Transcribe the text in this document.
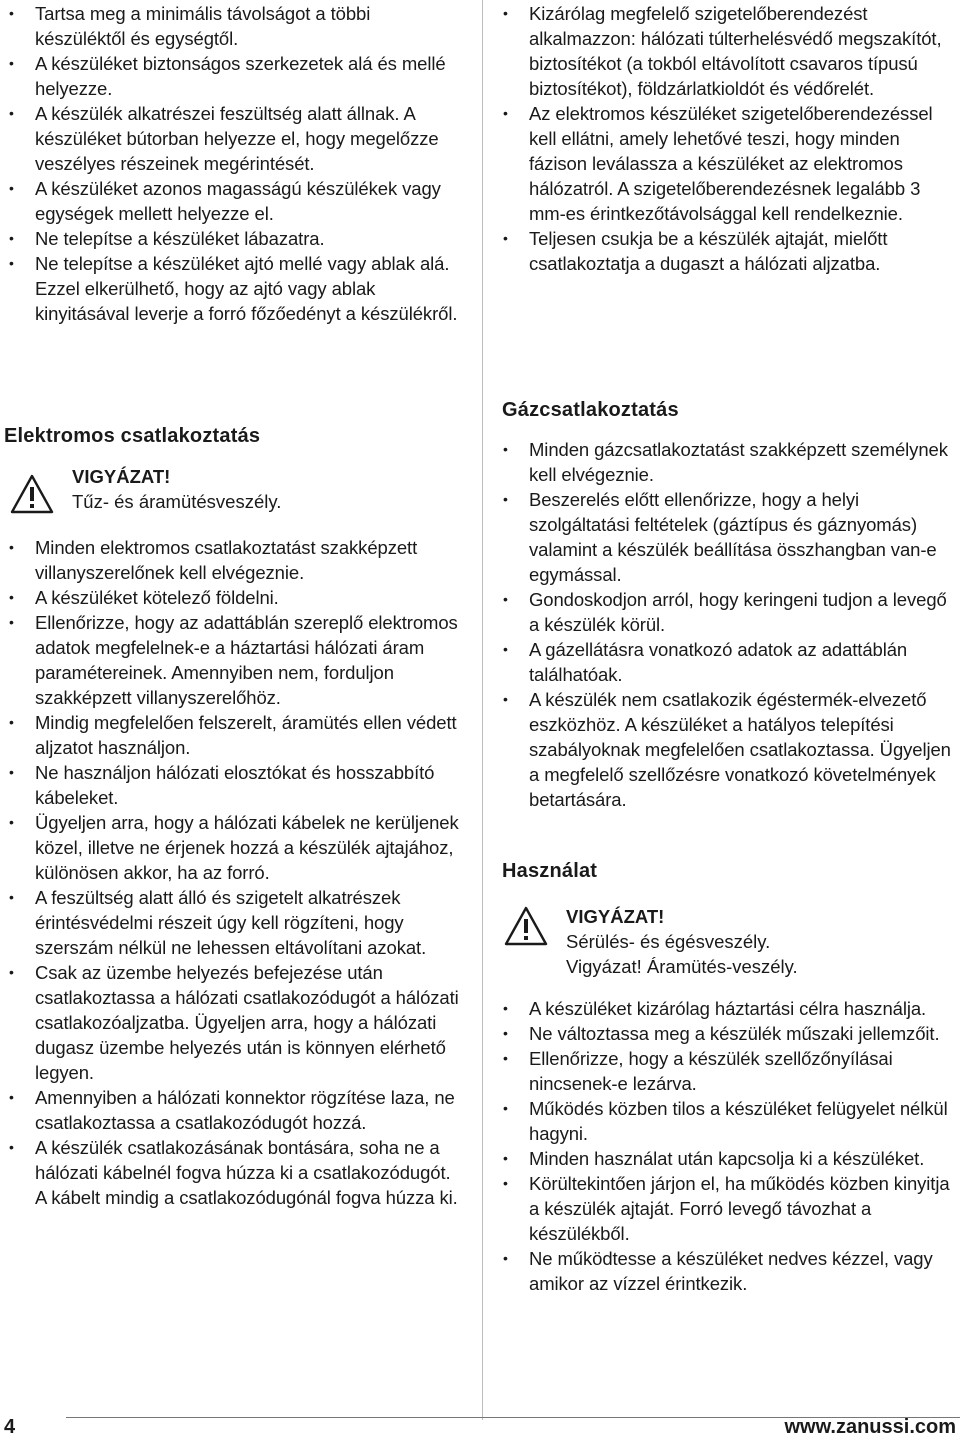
• Tartsa meg a minimális távolságot a többi készüléktől és egységtől.
• A készüléket biztonságos szerkezetek alá és mellé helyezze.
• A készülék alkatrészei feszültség alatt állnak. A készüléket bútorban helyezze el, hogy megelőzze veszélyes részeinek megérintését.
• A készüléket azonos magasságú készülékek vagy egységek mellett helyezze el.
• Ne telepítse a készüléket lábazatra.
• Ne telepítse a készüléket ajtó mellé vagy ablak alá. Ezzel elkerülhető, hogy az ajtó vagy ablak kinyitásával leverje a forró főzőedényt a készülékről.
Elektromos csatlakoztatás
VIGYÁZAT!
Tűz- és áramütésveszély.
• Minden elektromos csatlakoztatást szakképzett villanyszerelőnek kell elvégeznie.
• A készüléket kötelező földelni.
• Ellenőrizze, hogy az adattáblán szereplő elektromos adatok megfelelnek-e a háztartási hálózati áram paramétereinek. Amennyiben nem, forduljon szakképzett villanyszerelőhöz.
• Mindig megfelelően felszerelt, áramütés ellen védett aljzatot használjon.
• Ne használjon hálózati elosztókat és hosszabbító kábeleket.
• Ügyeljen arra, hogy a hálózati kábelek ne kerüljenek közel, illetve ne érjenek hozzá a készülék ajtajához, különösen akkor, ha az forró.
• A feszültség alatt álló és szigetelt alkatrészek érintésvédelmi részeit úgy kell rögzíteni, hogy szerszám nélkül ne lehessen eltávolítani azokat.
• Csak az üzembe helyezés befejezése után csatlakoztassa a hálózati csatlakozódugót a hálózati csatlakozóaljzatba. Ügyeljen arra, hogy a hálózati dugasz üzembe helyezés után is könnyen elérhető legyen.
• Amennyiben a hálózati konnektor rögzítése laza, ne csatlakoztassa a csatlakozódugót hozzá.
• A készülék csatlakozásának bontására, soha ne a hálózati kábelnél fogva húzza ki a csatlakozódugót. A kábelt mindig a csatlakozódugónál fogva húzza ki.
• Kizárólag megfelelő szigetelőberendezést alkalmazzon: hálózati túlterhelésvédő megszakítót, biztosítékot (a tokból eltávolított csavaros típusú biztosítékot), földzárlatkioldót és védőrelét.
• Az elektromos készüléket szigetelőberendezéssel kell ellátni, amely lehetővé teszi, hogy minden fázison leválassza a készüléket az elektromos hálózatról. A szigetelőberendezésnek legalább 3 mm-es érintkezőtávolsággal kell rendelkeznie.
• Teljesen csukja be a készülék ajtaját, mielőtt csatlakoztatja a dugaszt a hálózati aljzatba.
Gázcsatlakoztatás
• Minden gázcsatlakoztatást szakképzett személynek kell elvégeznie.
• Beszerelés előtt ellenőrizze, hogy a helyi szolgáltatási feltételek (gáztípus és gáznyomás) valamint a készülék beállítása összhangban van-e egymással.
• Gondoskodjon arról, hogy keringeni tudjon a levegő a készülék körül.
• A gázellátásra vonatkozó adatok az adattáblán találhatóak.
• A készülék nem csatlakozik égéstermék-elvezető eszközhöz. A készüléket a hatályos telepítési szabályoknak megfelelően csatlakoztassa. Ügyeljen a megfelelő szellőzésre vonatkozó követelmények betartására.
Használat
VIGYÁZAT!
Sérülés- és égésveszély.
Vigyázat! Áramütés-veszély.
• A készüléket kizárólag háztartási célra használja.
• Ne változtassa meg a készülék műszaki jellemzőit.
• Ellenőrizze, hogy a készülék szellőzőnyílásai nincsenek-e lezárva.
• Működés közben tilos a készüléket felügyelet nélkül hagyni.
• Minden használat után kapcsolja ki a készüléket.
• Körültekintően járjon el, ha működés közben kinyitja a készülék ajtaját. Forró levegő távozhat a készülékből.
• Ne működtesse a készüléket nedves kézzel, vagy amikor az vízzel érintkezik.
4	www.zanussi.com
